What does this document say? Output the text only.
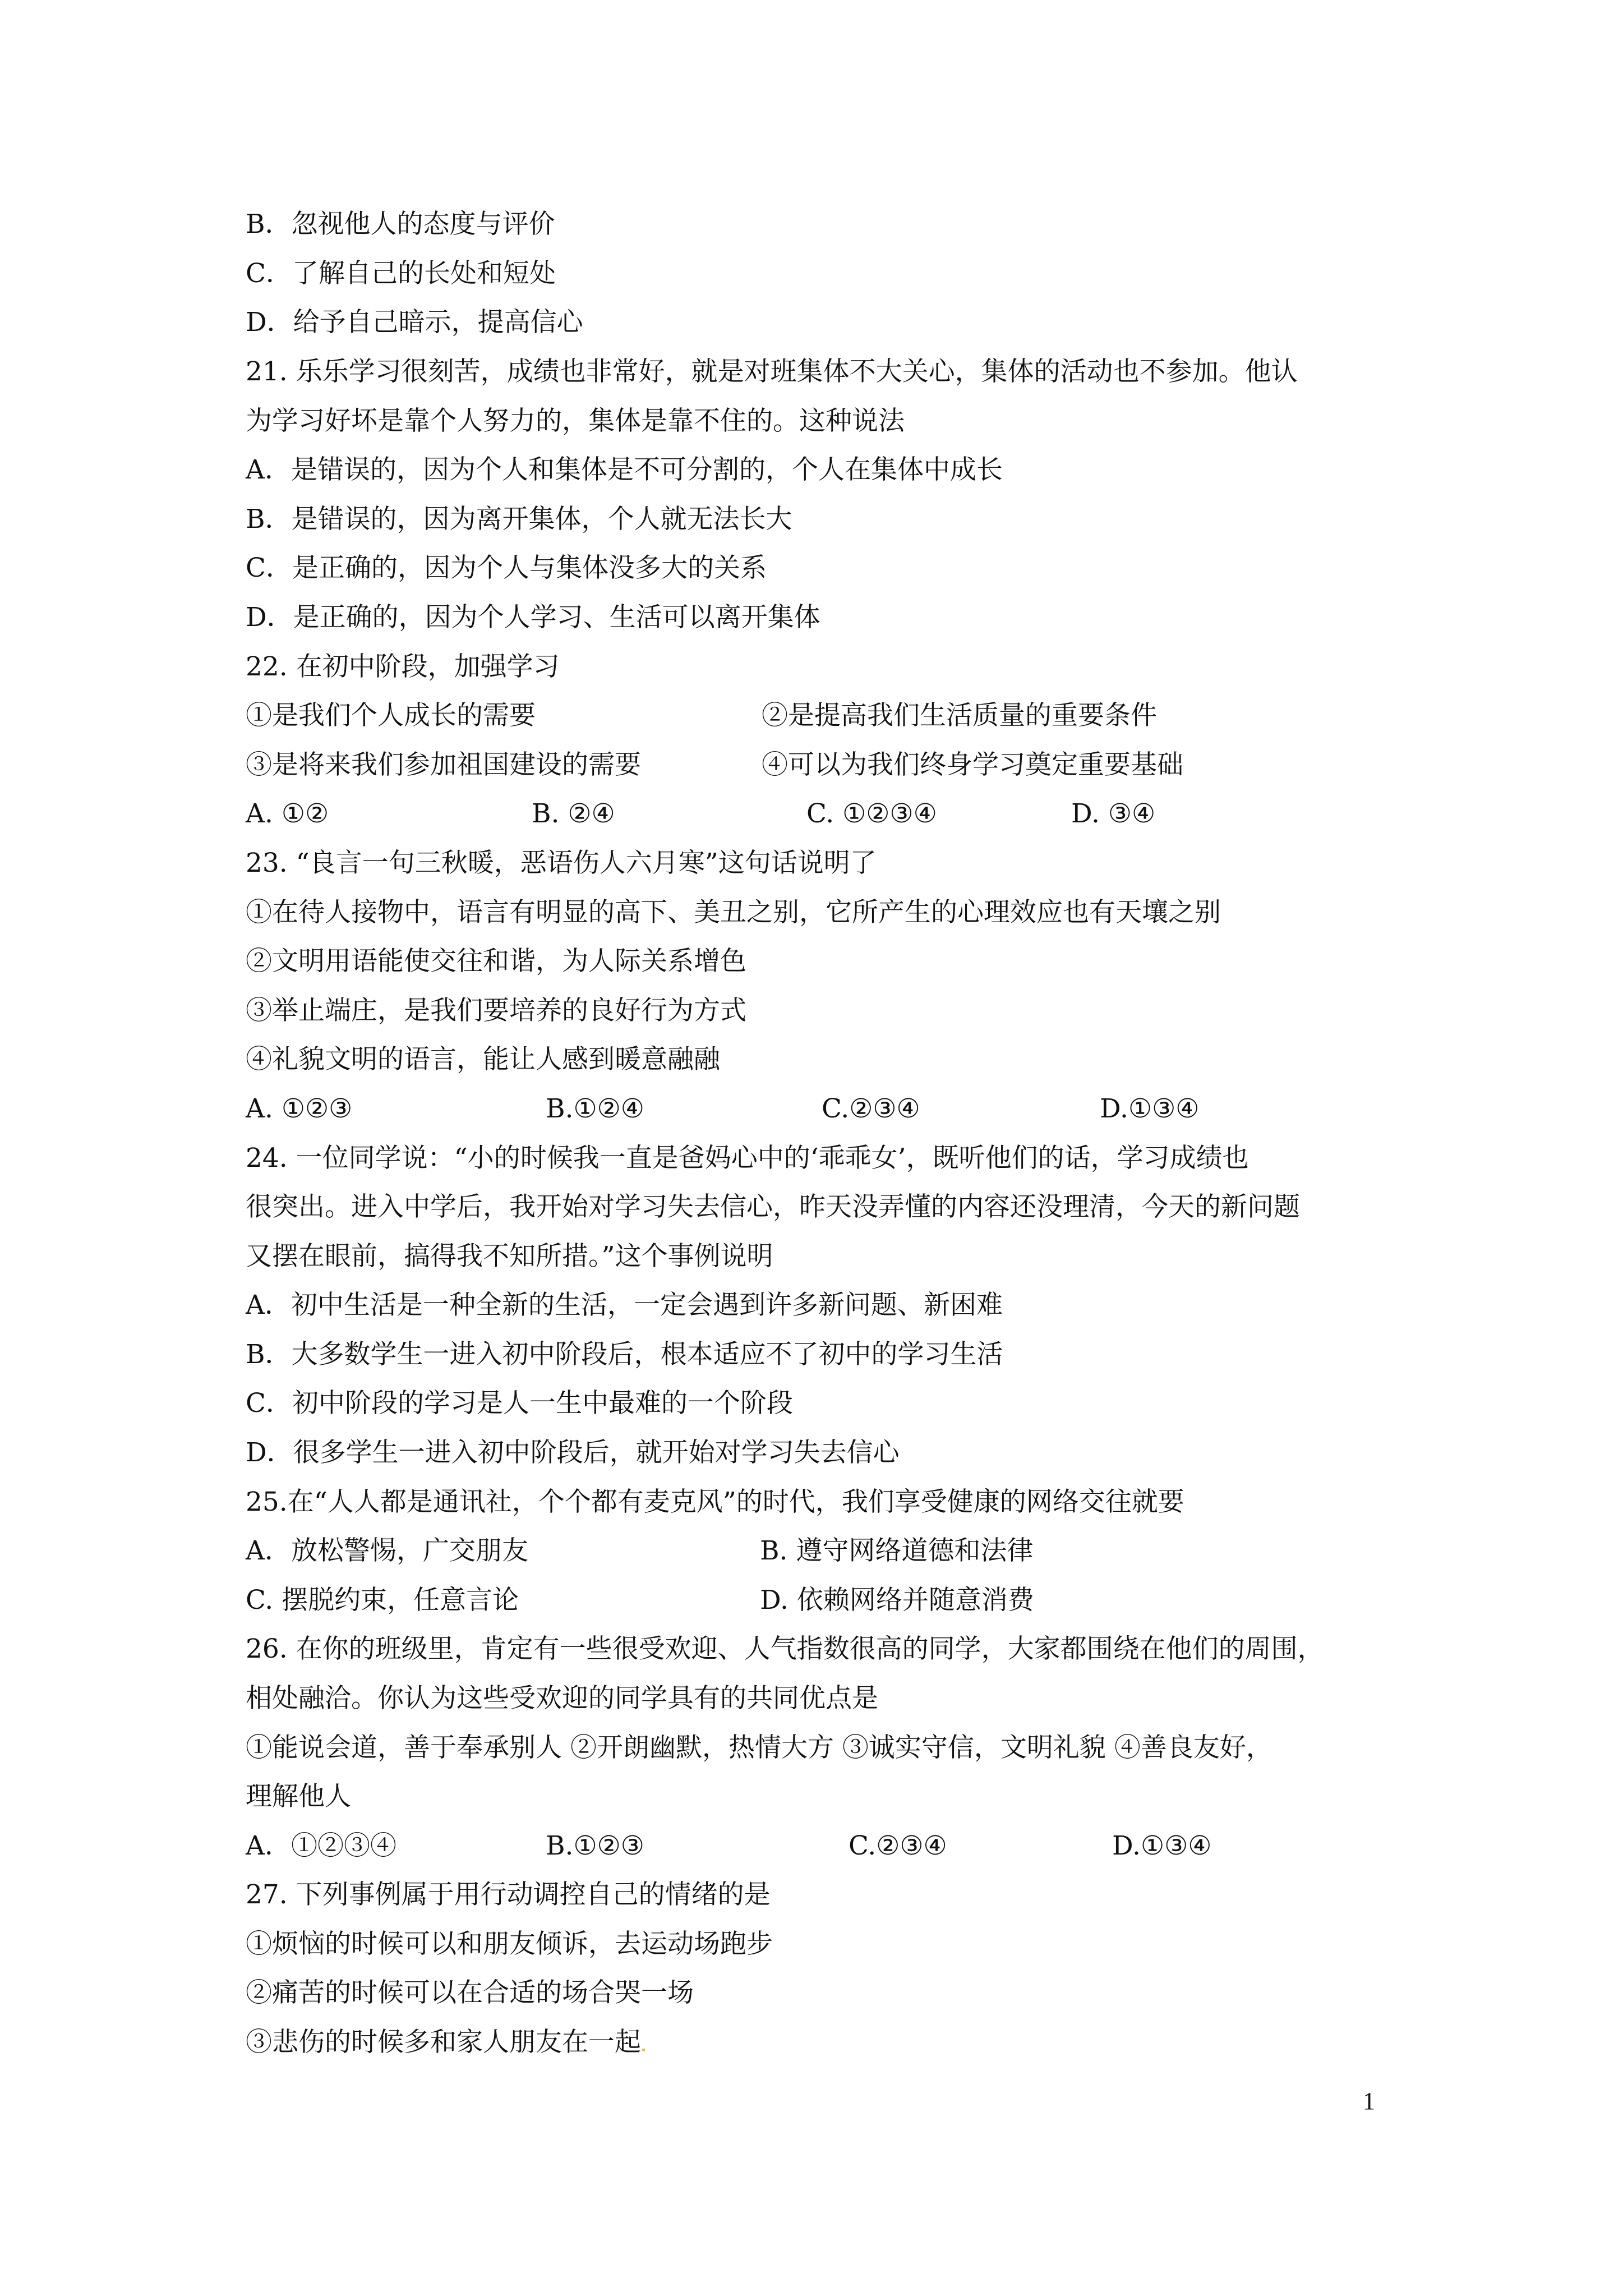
B．忽视他人的态度与评价
C．了解自己的长处和短处
D．给予自己暗示，提高信心
21. 乐乐学习很刻苦，成绩也非常好，就是对班集体不大关心，集体的活动也不参加。他认
为学习好坏是靠个人努力的，集体是靠不住的。这种说法
A．是错误的，因为个人和集体是不可分割的，个人在集体中成长
B．是错误的，因为离开集体，个人就无法长大
C．是正确的，因为个人与集体没多大的关系
D．是正确的，因为个人学习、生活可以离开集体
22. 在初中阶段，加强学习
①是我们个人成长的需要	②是提高我们生活质量的重要条件
③是将来我们参加祖国建设的需要	④可以为我们终身学习奠定重要基础
A. ①②	B. ②④	C. ①②③④	D. ③④
23. “良言一句三秋暖，恶语伤人六月寒”这句话说明了
①在待人接物中，语言有明显的高下、美丑之别，它所产生的心理效应也有天壤之别
②文明用语能使交往和谐，为人际关系增色
③举止端庄，是我们要培养的良好行为方式
④礼貌文明的语言，能让人感到暖意融融
A. ①②③	B.①②④	C.②③④	D.①③④
24. 一位同学说：“小的时候我一直是爸妈心中的‘乖乖女’，既听他们的话，学习成绩也
很突出。进入中学后，我开始对学习失去信心，昨天没弄懂的内容还没理清，今天的新问题
又摆在眼前，搞得我不知所措。”这个事例说明
A．初中生活是一种全新的生活，一定会遇到许多新问题、新困难
B．大多数学生一进入初中阶段后，根本适应不了初中的学习生活
C．初中阶段的学习是人一生中最难的一个阶段
D．很多学生一进入初中阶段后，就开始对学习失去信心
25.在“人人都是通讯社，个个都有麦克风”的时代，我们享受健康的网络交往就要
A．放松警惕，广交朋友	B. 遵守网络道德和法律
C. 摆脱约束，任意言论	D. 依赖网络并随意消费
26. 在你的班级里，肯定有一些很受欢迎、人气指数很高的同学，大家都围绕在他们的周围，
相处融洽。你认为这些受欢迎的同学具有的共同优点是
①能说会道，善于奉承别人 ②开朗幽默，热情大方 ③诚实守信，文明礼貌 ④善良友好，
理解他人
A．①②③④	B.①②③	C.②③④	D.①③④
27. 下列事例属于用行动调控自己的情绪的是
①烦恼的时候可以和朋友倾诉，去运动场跑步
②痛苦的时候可以在合适的场合哭一场
③悲伤的时候多和家人朋友在一起
1
